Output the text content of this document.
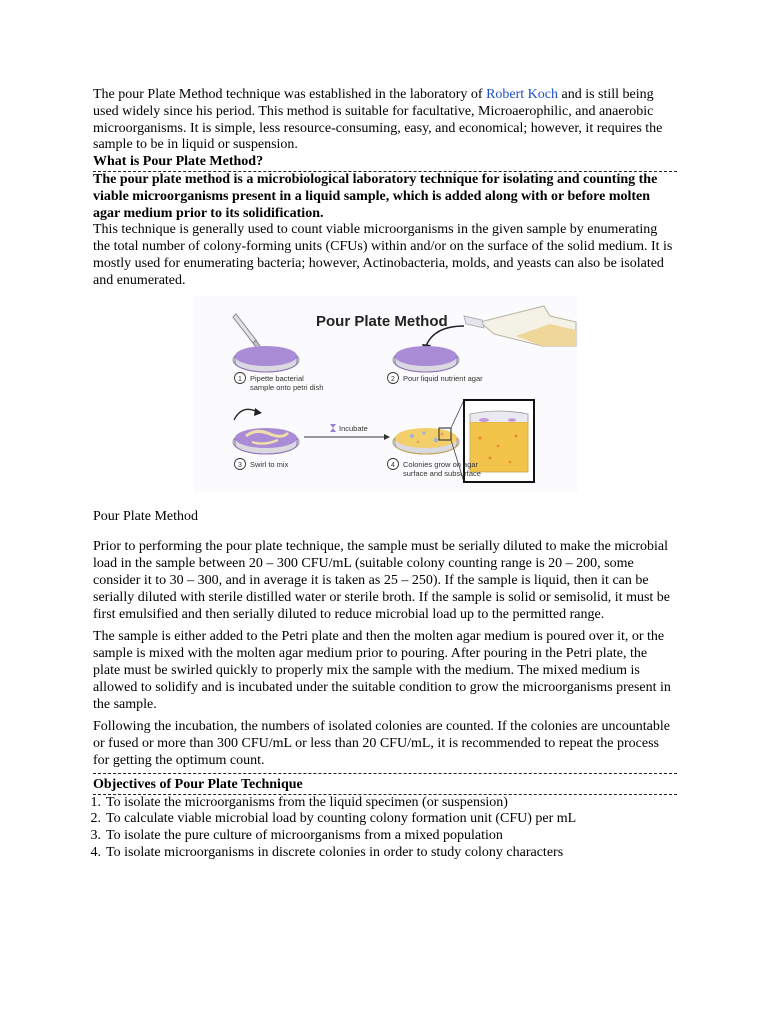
The pour Plate Method technique was established in the laboratory of Robert Koch and is still being used widely since his period. This method is suitable for facultative, Microaerophilic, and anaerobic microorganisms. It is simple, less resource-consuming, easy, and economical; however, it requires the sample to be in liquid or suspension.

What is Pour Plate Method?

The pour plate method is a microbiological laboratory technique for isolating and counting the viable microorganisms present in a liquid sample, which is added along with or before molten agar medium prior to its solidification.

This technique is generally used to count viable microorganisms in the given sample by enumerating the total number of colony-forming units (CFUs) within and/or on the surface of the solid medium. It is mostly used for enumerating bacteria; however, Actinobacteria, molds, and yeasts can also be isolated and enumerated.

Pour Plate Method
1 Pipette bacterial
sample onto petri dish
2 Pour liquid nutrient agar
Incubate
3 Swirl to mix	4 Colonies grow on agar
surface and subsurface

Pour Plate Method

Prior to performing the pour plate technique, the sample must be serially diluted to make the microbial load in the sample between 20 – 300 CFU/mL (suitable colony counting range is 20 – 200, some consider it to 30 – 300, and in average it is taken as 25 – 250). If the sample is liquid, then it can be serially diluted with sterile distilled water or sterile broth. If the sample is solid or semisolid, it must be first emulsified and then serially diluted to reduce microbial load up to the permitted range.

The sample is either added to the Petri plate and then the molten agar medium is poured over it, or the sample is mixed with the molten agar medium prior to pouring. After pouring in the Petri plate, the plate must be swirled quickly to properly mix the sample with the medium. The mixed medium is allowed to solidify and is incubated under the suitable condition to grow the microorganisms present in the sample.

Following the incubation, the numbers of isolated colonies are counted. If the colonies are uncountable or fused or more than 300 CFU/mL or less than 20 CFU/mL, it is recommended to repeat the process for getting the optimum count.

Objectives of Pour Plate Technique
1. To isolate the microorganisms from the liquid specimen (or suspension)
2. To calculate viable microbial load by counting colony formation unit (CFU) per mL
3. To isolate the pure culture of microorganisms from a mixed population
4. To isolate microorganisms in discrete colonies in order to study colony characters
